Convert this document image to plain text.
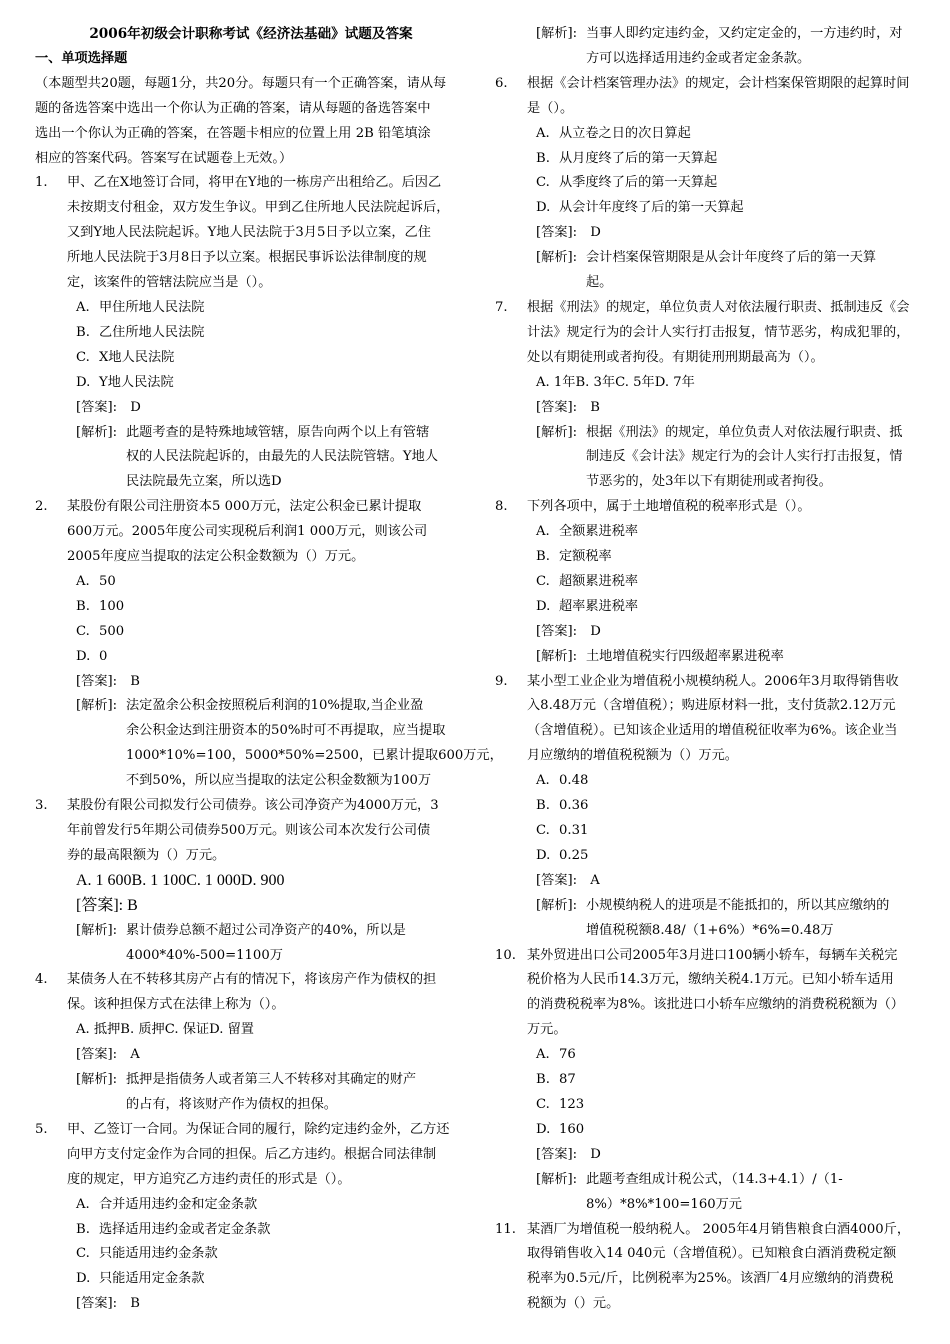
2006年初级会计职称考试《经济法基础》试题及答案
一、单项选择题
（本题型共20题，每题1分，共20分。每题只有一个正确答案，请从每
题的备选答案中选出一个你认为正确的答案，请从每题的备选答案中
选出一个你认为正确的答案，在答题卡相应的位置上用 2B 铅笔填涂
相应的答案代码。答案写在试题卷上无效。）
1. 甲、乙在X地签订合同，将甲在Y地的一栋房产出租给乙。后因乙
未按期支付租金，双方发生争议。甲到乙住所地人民法院起诉后，
又到Y地人民法院起诉。Y地人民法院于3月5日予以立案，乙住
所地人民法院于3月8日予以立案。根据民事诉讼法律制度的规
定，该案件的管辖法院应当是（）。
A. 甲住所地人民法院
B. 乙住所地人民法院
C. X地人民法院
D. Y地人民法院
[答案]:　D
[解析]: 此题考查的是特殊地域管辖，原告向两个以上有管辖
权的人民法院起诉的，由最先的人民法院管辖。Y地人
民法院最先立案，所以选D
2. 某股份有限公司注册资本5 000万元，法定公积金已累计提取
600万元。2005年度公司实现税后利润1 000万元，则该公司
2005年度应当提取的法定公积金数额为（）万元。
A. 50
B. 100
C. 500
D. 0
[答案]:　B
[解析]: 法定盈余公积金按照税后利润的10%提取,当企业盈
余公积金达到注册资本的50%时可不再提取，应当提取
1000*10%=100，5000*50%=2500，已累计提取600万元，
不到50%，所以应当提取的法定公积金数额为100万
3. 某股份有限公司拟发行公司债券。该公司净资产为4000万元，3
年前曾发行5年期公司债券500万元。则该公司本次发行公司债
券的最高限额为（）万元。
A. 1 600B. 1 100C. 1 000D. 900
[答案]: B
[解析]: 累计债券总额不超过公司净资产的40%，所以是
4000*40%-500=1100万
4. 某债务人在不转移其房产占有的情况下，将该房产作为债权的担
保。该种担保方式在法律上称为（）。
A. 抵押B. 质押C. 保证D. 留置
[答案]:　A
[解析]: 抵押是指债务人或者第三人不转移对其确定的财产
的占有，将该财产作为债权的担保。
5. 甲、乙签订一合同。为保证合同的履行，除约定违约金外，乙方还
向甲方支付定金作为合同的担保。后乙方违约。根据合同法律制
度的规定，甲方追究乙方违约责任的形式是（）。
A. 合并适用违约金和定金条款
B. 选择适用违约金或者定金条款
C. 只能适用违约金条款
D. 只能适用定金条款
[答案]:　B
[解析]: 当事人即约定违约金，又约定定金的，一方违约时，对
方可以选择适用违约金或者定金条款。
6. 根据《会计档案管理办法》的规定，会计档案保管期限的起算时间
是（）。
A. 从立卷之日的次日算起
B. 从月度终了后的第一天算起
C. 从季度终了后的第一天算起
D. 从会计年度终了后的第一天算起
[答案]:　D
[解析]: 会计档案保管期限是从会计年度终了后的第一天算
起。
7. 根据《刑法》的规定，单位负责人对依法履行职责、抵制违反《会
计法》规定行为的会计人实行打击报复，情节恶劣，构成犯罪的，
处以有期徒刑或者拘役。有期徒刑刑期最高为（）。
A. 1年B. 3年C. 5年D. 7年
[答案]:　B
[解析]: 根据《刑法》的规定，单位负责人对依法履行职责、抵
制违反《会计法》规定行为的会计人实行打击报复，情
节恶劣的，处3年以下有期徒刑或者拘役。
8. 下列各项中，属于土地增值税的税率形式是（）。
A. 全额累进税率
B. 定额税率
C. 超额累进税率
D. 超率累进税率
[答案]:　D
[解析]: 土地增值税实行四级超率累进税率
9. 某小型工业企业为增值税小规模纳税人。2006年3月取得销售收
入8.48万元（含增值税）；购进原材料一批，支付货款2.12万元
（含增值税）。已知该企业适用的增值税征收率为6%。该企业当
月应缴纳的增值税税额为（）万元。
A. 0.48
B. 0.36
C. 0.31
D. 0.25
[答案]:　A
[解析]: 小规模纳税人的进项是不能抵扣的，所以其应缴纳的
增值税税额8.48/（1+6%）*6%=0.48万
10. 某外贸进出口公司2005年3月进口100辆小轿车，每辆车关税完
税价格为人民币14.3万元，缴纳关税4.1万元。已知小轿车适用
的消费税税率为8%。该批进口小轿车应缴纳的消费税税额为（）
万元。
A. 76
B. 87
C. 123
D. 160
[答案]:　D
[解析]: 此题考查组成计税公式，（14.3+4.1）/（1-
8%）*8%*100=160万元
11. 某酒厂为增值税一般纳税人。 2005年4月销售粮食白酒4000斤，
取得销售收入14 040元（含增值税）。已知粮食白酒消费税定额
税率为0.5元/斤，比例税率为25%。该酒厂4月应缴纳的消费税
税额为（）元。
